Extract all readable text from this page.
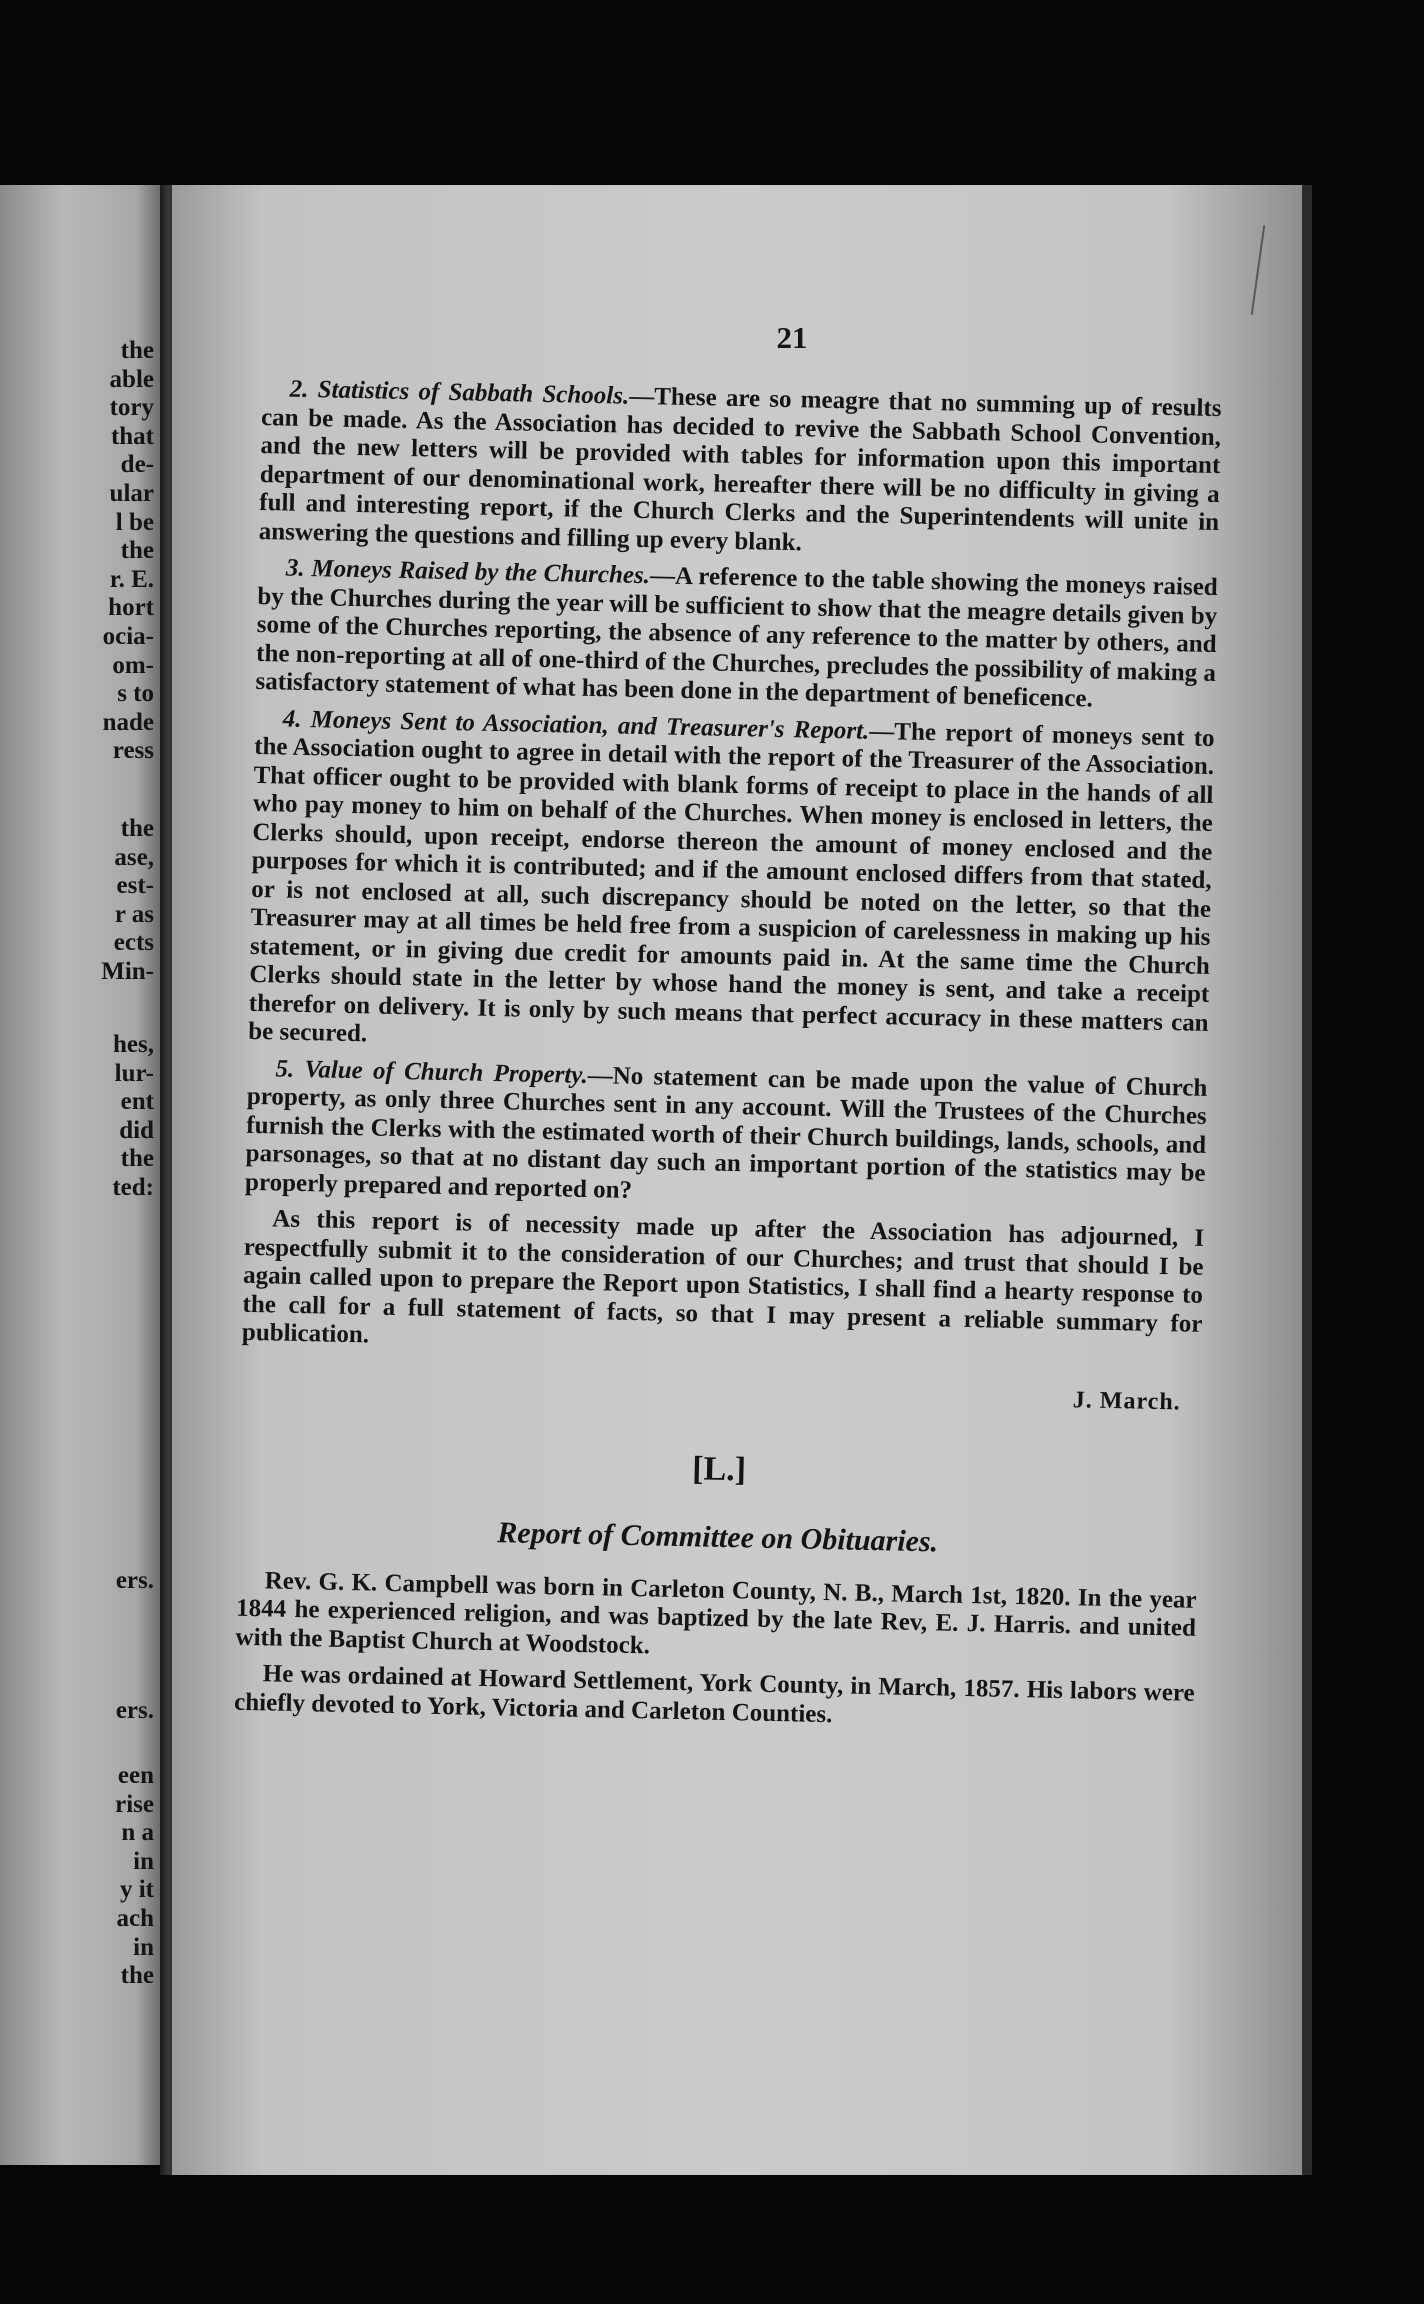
the
able
tory
that
de-
ular
l be
the
r. E.
hort
ocia-
om-
s to
nade
ress
the
ase,
est-
r as
ects
Min-
hes,
lur-
ent
did
the
ted:
ers.
ers.
een
rise
n a
in
y it
ach
in
the
21

2. Statistics of Sabbath Schools.—These are so meagre that no summing up of results can be made. As the Association has decided to revive the Sabbath School Convention, and the new letters will be provided with tables for information upon this important department of our denominational work, hereafter there will be no difficulty in giving a full and interesting report, if the Church Clerks and the Superintendents will unite in answering the questions and filling up every blank.

3. Moneys Raised by the Churches.—A reference to the table showing the moneys raised by the Churches during the year will be sufficient to show that the meagre details given by some of the Churches reporting, the absence of any reference to the matter by others, and the non-reporting at all of one-third of the Churches, precludes the possibility of making a satisfactory statement of what has been done in the department of beneficence.

4. Moneys Sent to Association, and Treasurer's Report.—The report of moneys sent to the Association ought to agree in detail with the report of the Treasurer of the Association. That officer ought to be provided with blank forms of receipt to place in the hands of all who pay money to him on behalf of the Churches. When money is enclosed in letters, the Clerks should, upon receipt, endorse thereon the amount of money enclosed and the purposes for which it is contributed; and if the amount enclosed differs from that stated, or is not enclosed at all, such discrepancy should be noted on the letter, so that the Treasurer may at all times be held free from a suspicion of carelessness in making up his statement, or in giving due credit for amounts paid in. At the same time the Church Clerks should state in the letter by whose hand the money is sent, and take a receipt therefor on delivery. It is only by such means that perfect accuracy in these matters can be secured.

5. Value of Church Property.—No statement can be made upon the value of Church property, as only three Churches sent in any account. Will the Trustees of the Churches furnish the Clerks with the estimated worth of their Church buildings, lands, schools, and parsonages, so that at no distant day such an important portion of the statistics may be properly prepared and reported on?

As this report is of necessity made up after the Association has adjourned, I respectfully submit it to the consideration of our Churches; and trust that should I be again called upon to prepare the Report upon Statistics, I shall find a hearty response to the call for a full statement of facts, so that I may present a reliable summary for publication.

J. March.
[L.]
Report of Committee on Obituaries.

Rev. G. K. Campbell was born in Carleton County, N. B., March 1st, 1820. In the year 1844 he experienced religion, and was baptized by the late Rev, E. J. Harris. and united with the Baptist Church at Woodstock.

He was ordained at Howard Settlement, York County, in March, 1857. His labors were chiefly devoted to York, Victoria and Carleton Counties.
